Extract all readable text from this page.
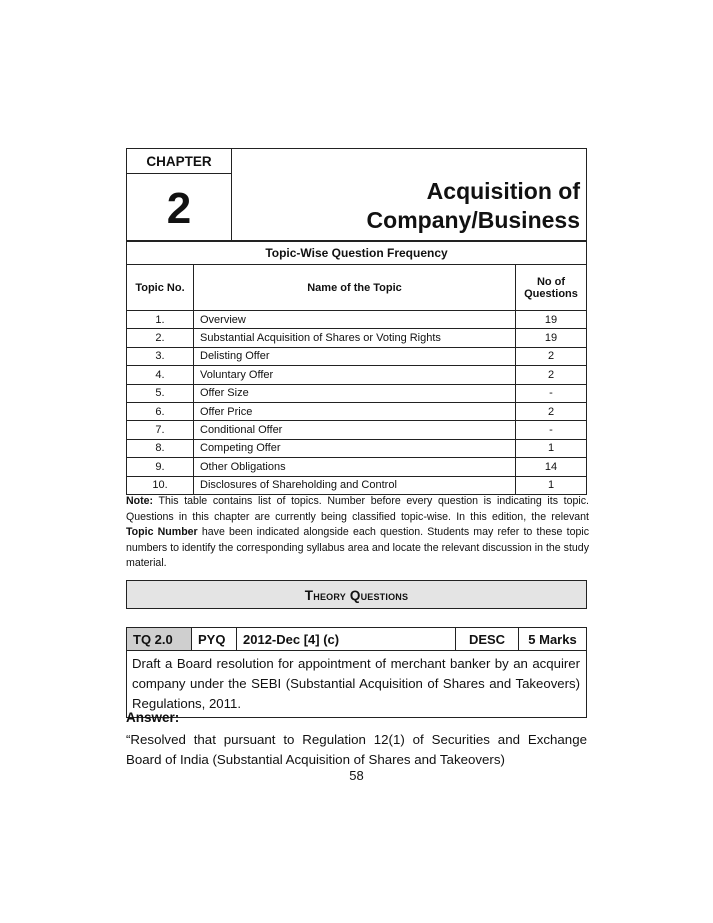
CHAPTER
2	Acquisition of
Company/Business
Topic-Wise Question Frequency		
Topic No.	Name of the Topic	No of Questions
1.	Overview	19
2.	Substantial Acquisition of Shares or Voting Rights	19
3.	Delisting Offer	2
4.	Voluntary Offer	2
5.	Offer Size	-
6.	Offer Price	2
7.	Conditional Offer	-
8.	Competing Offer	1
9.	Other Obligations	14
10.	Disclosures of Shareholding and Control	1
Note: This table contains list of topics. Number before every question is indicating its topic. Questions in this chapter are currently being classified topic-wise. In this edition, the relevant Topic Number have been indicated alongside each question. Students may refer to these topic numbers to identify the corresponding syllabus area and locate the relevant discussion in the study material.
Theory Questions
TQ 2.0	PYQ	2012-Dec [4] (c)	DESC	5 Marks
Draft a Board resolution for appointment of merchant banker by an acquirer company under the SEBI (Substantial Acquisition of Shares and Takeovers) Regulations, 2011.
Answer:
“Resolved that pursuant to Regulation 12(1) of Securities and Exchange Board of India (Substantial Acquisition of Shares and Takeovers)
58
